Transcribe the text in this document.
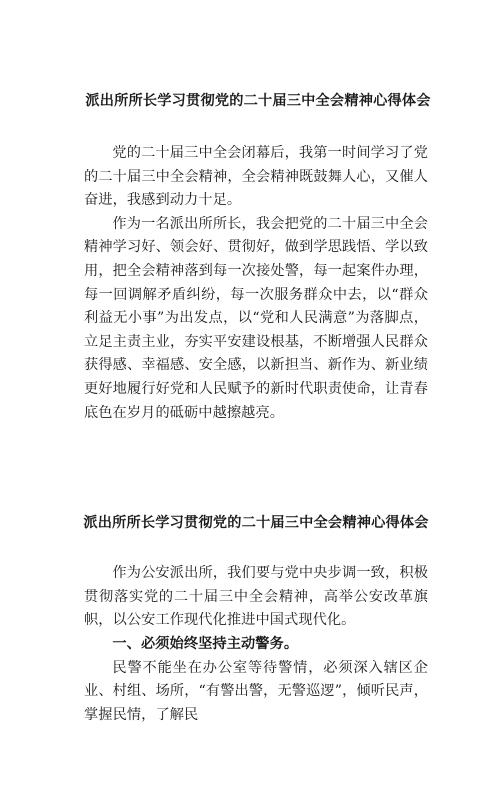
派出所所长学习贯彻党的二十届三中全会精神心得体会

党的二十届三中全会闭幕后，我第一时间学习了党的二十届三中全会精神，全会精神既鼓舞人心，又催人奋进，我感到动力十足。

作为一名派出所所长，我会把党的二十届三中全会精神学习好、领会好、贯彻好，做到学思践悟、学以致用，把全会精神落到每一次接处警，每一起案件办理，每一回调解矛盾纠纷，每一次服务群众中去，以“群众利益无小事”为出发点，以“党和人民满意”为落脚点，立足主责主业，夯实平安建设根基，不断增强人民群众获得感、幸福感、安全感，以新担当、新作为、新业绩更好地履行好党和人民赋予的新时代职责使命，让青春底色在岁月的砥砺中越擦越亮。

派出所所长学习贯彻党的二十届三中全会精神心得体会

作为公安派出所，我们要与党中央步调一致，积极贯彻落实党的二十届三中全会精神，高举公安改革旗帜，以公安工作现代化推进中国式现代化。

一、必须始终坚持主动警务。

民警不能坐在办公室等待警情，必须深入辖区企业、村组、场所，“有警出警，无警巡逻”，倾听民声，掌握民情，了解民
